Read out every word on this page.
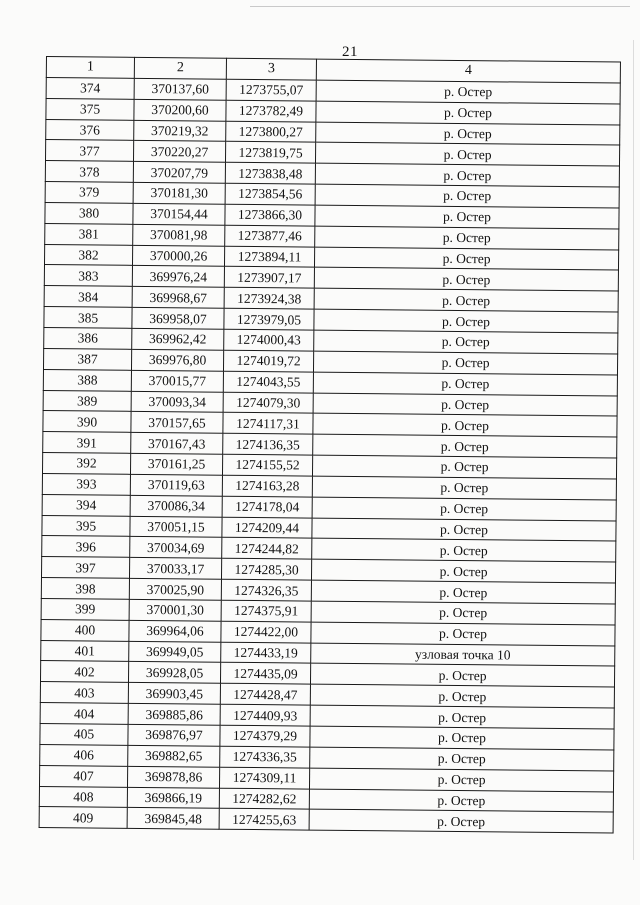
21
1	2	3	4
374	370137,60	1273755,07	р. Остер
375	370200,60	1273782,49	р. Остер
376	370219,32	1273800,27	р. Остер
377	370220,27	1273819,75	р. Остер
378	370207,79	1273838,48	р. Остер
379	370181,30	1273854,56	р. Остер
380	370154,44	1273866,30	р. Остер
381	370081,98	1273877,46	р. Остер
382	370000,26	1273894,11	р. Остер
383	369976,24	1273907,17	р. Остер
384	369968,67	1273924,38	р. Остер
385	369958,07	1273979,05	р. Остер
386	369962,42	1274000,43	р. Остер
387	369976,80	1274019,72	р. Остер
388	370015,77	1274043,55	р. Остер
389	370093,34	1274079,30	р. Остер
390	370157,65	1274117,31	р. Остер
391	370167,43	1274136,35	р. Остер
392	370161,25	1274155,52	р. Остер
393	370119,63	1274163,28	р. Остер
394	370086,34	1274178,04	р. Остер
395	370051,15	1274209,44	р. Остер
396	370034,69	1274244,82	р. Остер
397	370033,17	1274285,30	р. Остер
398	370025,90	1274326,35	р. Остер
399	370001,30	1274375,91	р. Остер
400	369964,06	1274422,00	р. Остер
401	369949,05	1274433,19	узловая точка 10
402	369928,05	1274435,09	р. Остер
403	369903,45	1274428,47	р. Остер
404	369885,86	1274409,93	р. Остер
405	369876,97	1274379,29	р. Остер
406	369882,65	1274336,35	р. Остер
407	369878,86	1274309,11	р. Остер
408	369866,19	1274282,62	р. Остер
409	369845,48	1274255,63	р. Остер
